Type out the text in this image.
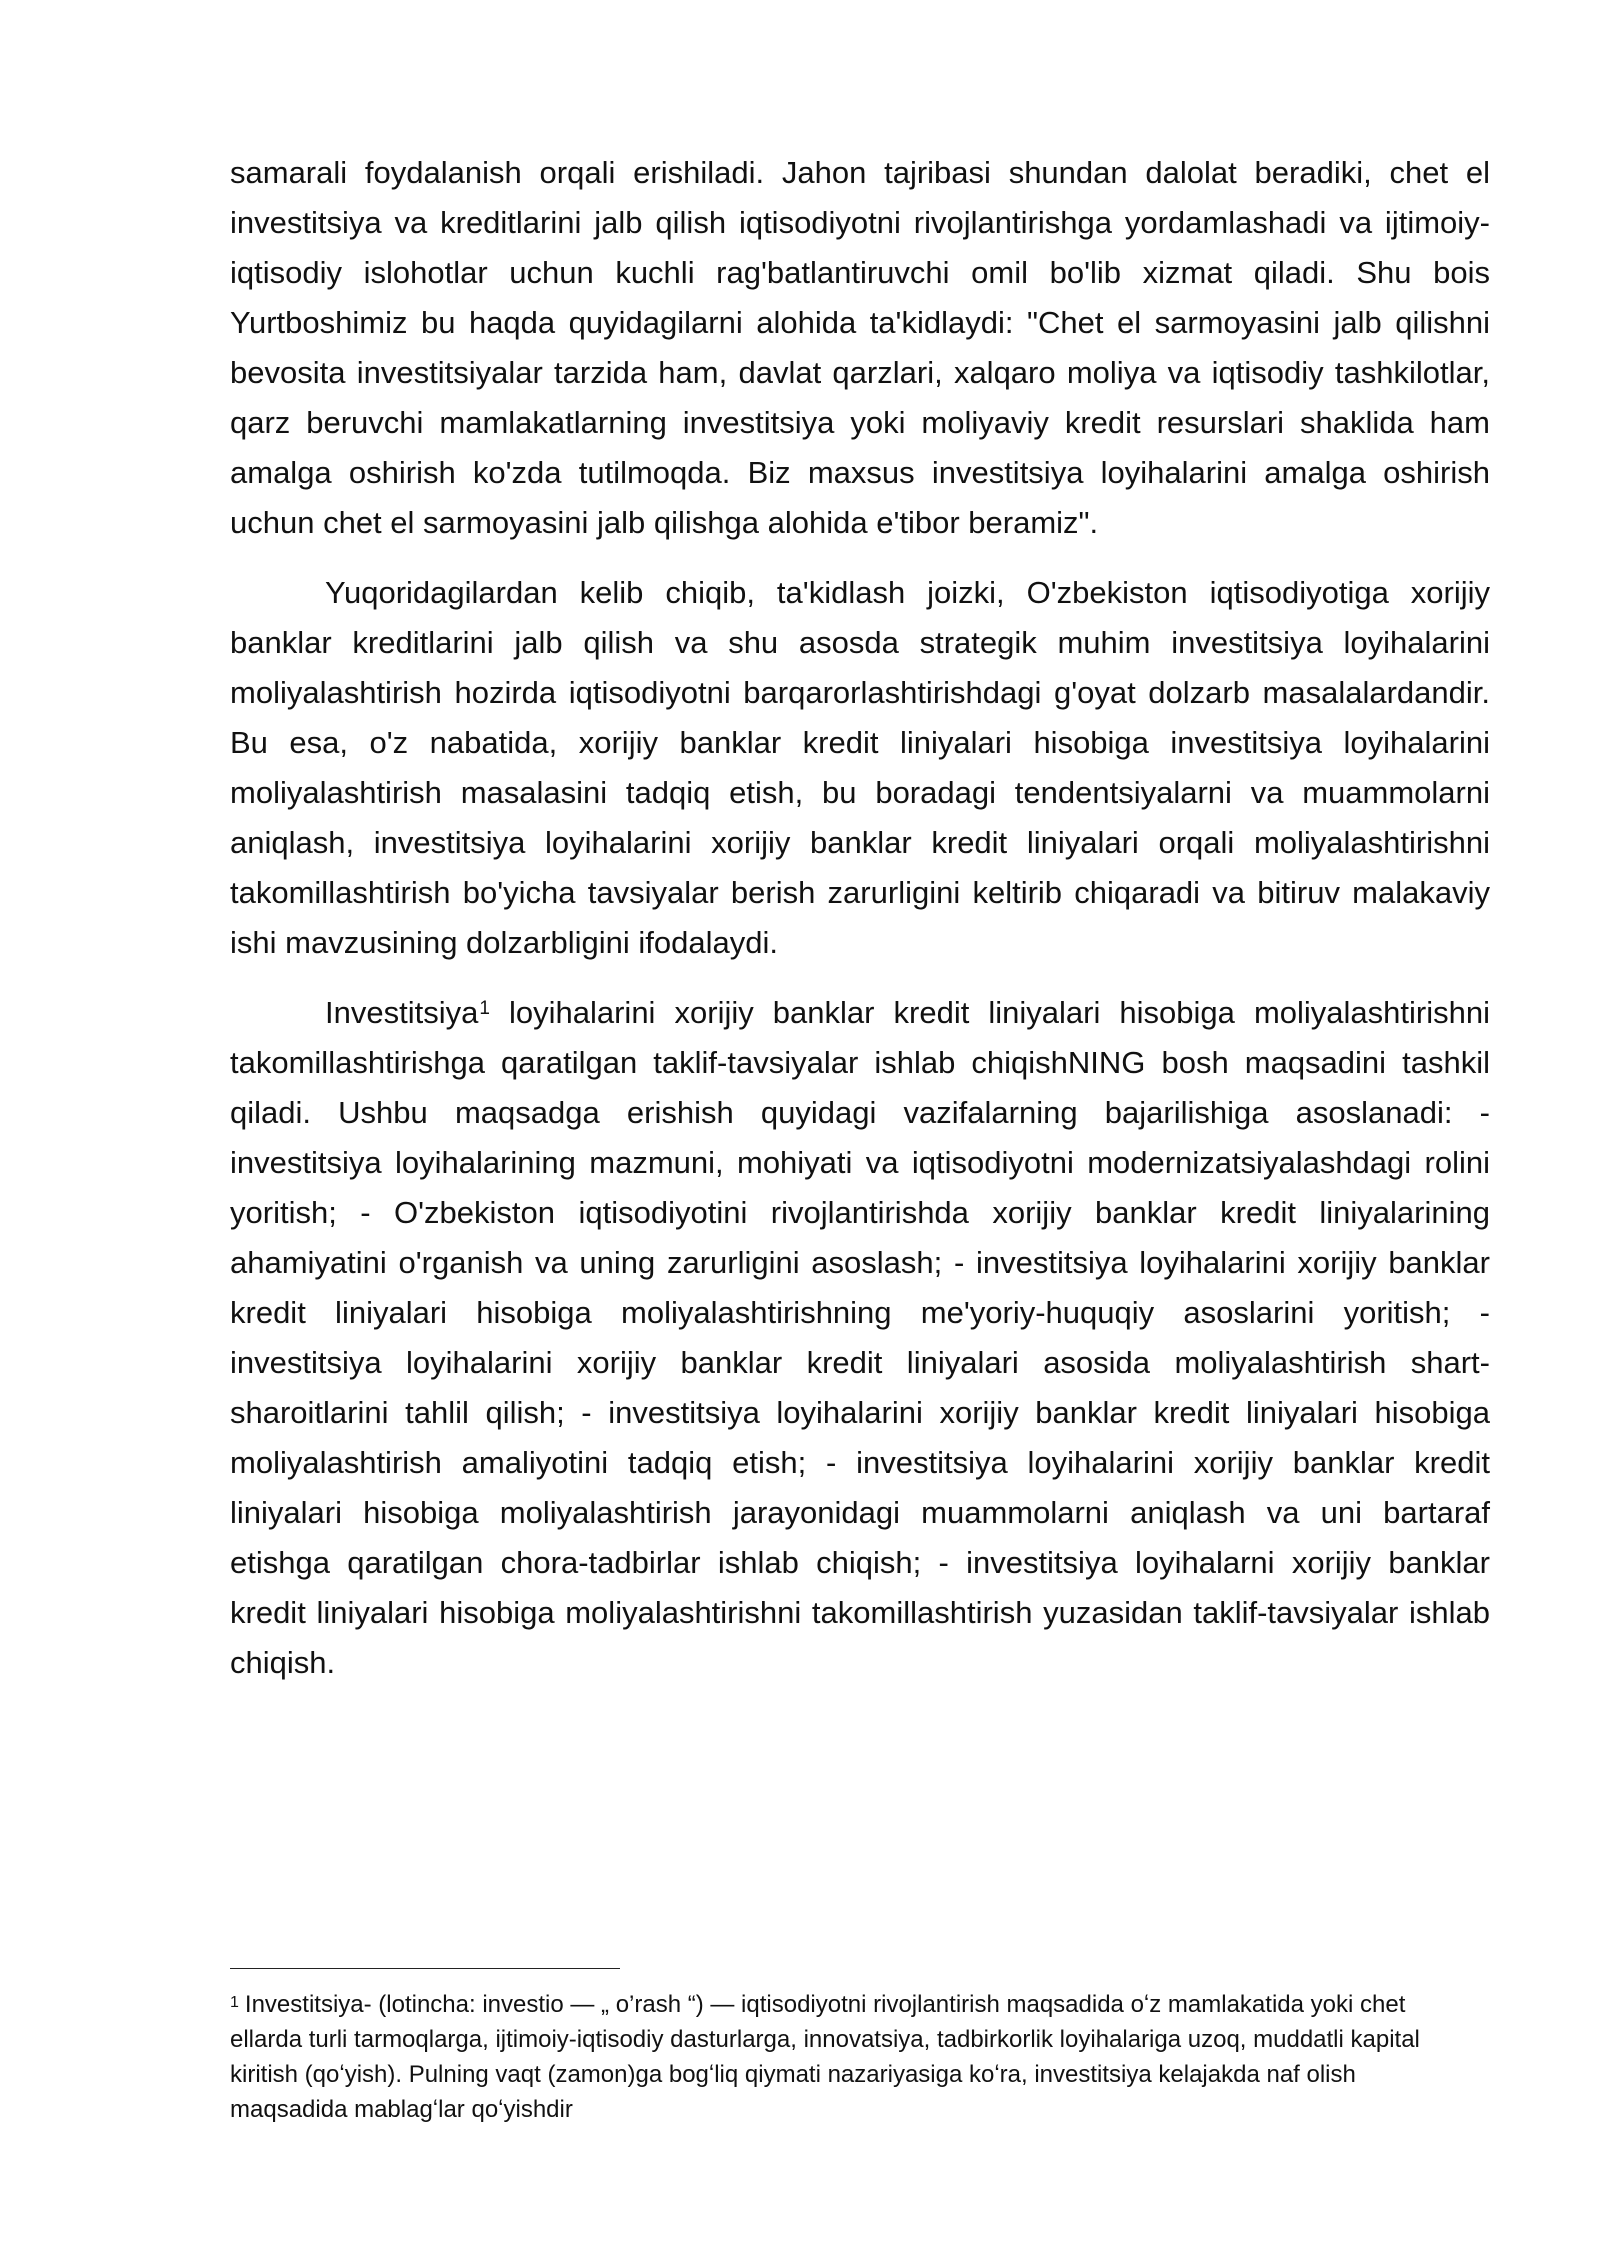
samarali foydalanish orqali erishiladi. Jahon tajribasi shundan dalolat beradiki, chet el investitsiya va kreditlarini jalb qilish iqtisodiyotni rivojlantirishga yordamlashadi va ijtimoiy-iqtisodiy islohotlar uchun kuchli rag'batlantiruvchi omil bo'lib xizmat qiladi. Shu bois Yurtboshimiz bu haqda quyidagilarni alohida ta'kidlaydi: "Chet el sarmoyasini jalb qilishni bevosita investitsiyalar tarzida ham, davlat qarzlari, xalqaro moliya va iqtisodiy tashkilotlar, qarz beruvchi mamlakatlarning investitsiya yoki moliyaviy kredit resurslari shaklida ham amalga oshirish ko'zda tutilmoqda. Biz maxsus investitsiya loyihalarini amalga oshirish uchun chet el sarmoyasini jalb qilishga alohida e'tibor beramiz".

Yuqoridagilardan kelib chiqib, ta'kidlash joizki, O'zbekiston iqtisodiyotiga xorijiy banklar kreditlarini jalb qilish va shu asosda strategik muhim investitsiya loyihalarini moliyalashtirish hozirda iqtisodiyotni barqarorlashtirishdagi g'oyat dolzarb masalalardandir. Bu esa, o'z nabatida, xorijiy banklar kredit liniyalari hisobiga investitsiya loyihalarini moliyalashtirish masalasini tadqiq etish, bu boradagi tendentsiyalarni va muammolarni aniqlash, investitsiya loyihalarini xorijiy banklar kredit liniyalari orqali moliyalashtirishni takomillashtirish bo'yicha tavsiyalar berish zarurligini keltirib chiqaradi va bitiruv malakaviy ishi mavzusining dolzarbligini ifodalaydi.

Investitsiya$^1$ loyihalarini xorijiy banklar kredit liniyalari hisobiga moliyalashtirishni takomillashtirishga qaratilgan taklif-tavsiyalar ishlab chiqishNING bosh maqsadini tashkil qiladi. Ushbu maqsadga erishish quyidagi vazifalarning bajarilishiga asoslanadi: - investitsiya loyihalarining mazmuni, mohiyati va iqtisodiyotni modernizatsiyalashdagi rolini yoritish; - O'zbekiston iqtisodiyotini rivojlantirishda xorijiy banklar kredit liniyalarining ahamiyatini o'rganish va uning zarurligini asoslash; - investitsiya loyihalarini xorijiy banklar kredit liniyalari hisobiga moliyalashtirishning me'yoriy-huquqiy asoslarini yoritish; - investitsiya loyihalarini xorijiy banklar kredit liniyalari asosida moliyalashtirish shart-sharoitlarini tahlil qilish; - investitsiya loyihalarini xorijiy banklar kredit liniyalari hisobiga moliyalashtirish amaliyotini tadqiq etish; - investitsiya loyihalarini xorijiy banklar kredit liniyalari hisobiga moliyalashtirish jarayonidagi muammolarni aniqlash va uni bartaraf etishga qaratilgan chora-tadbirlar ishlab chiqish; - investitsiya loyihalarni xorijiy banklar kredit liniyalari hisobiga moliyalashtirishni takomillashtirish yuzasidan taklif-tavsiyalar ishlab chiqish.

$^1$ Investitsiya- (lotincha: investio — „ o’rash “) — iqtisodiyotni rivojlantirish maqsadida oʻz mamlakatida yoki chet ellarda turli tarmoqlarga, ijtimoiy-iqtisodiy dasturlarga, innovatsiya, tadbirkorlik loyihalariga uzoq, muddatli kapital kiritish (qoʻyish). Pulning vaqt (zamon)ga bogʻliq qiymati nazariyasiga koʻra, investitsiya kelajakda naf olish maqsadida mablagʻlar qoʻyishdir
